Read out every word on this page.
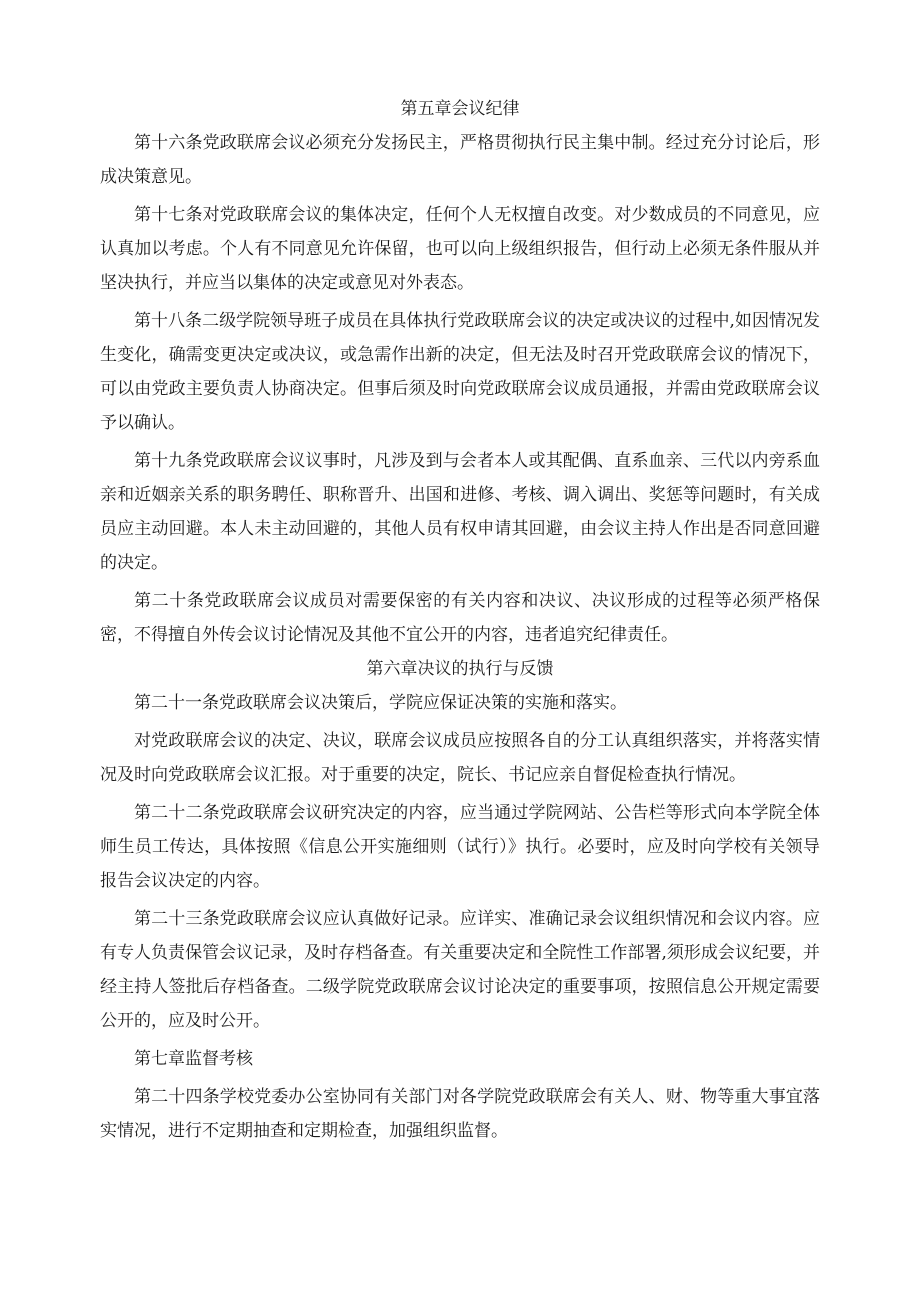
第五章会议纪律

第十六条党政联席会议必须充分发扬民主，严格贯彻执行民主集中制。经过充分讨论后，形成决策意见。

第十七条对党政联席会议的集体决定，任何个人无权擅自改变。对少数成员的不同意见，应认真加以考虑。个人有不同意见允许保留，也可以向上级组织报告，但行动上必须无条件服从并坚决执行，并应当以集体的决定或意见对外表态。

第十八条二级学院领导班子成员在具体执行党政联席会议的决定或决议的过程中,如因情况发生变化，确需变更决定或决议，或急需作出新的决定，但无法及时召开党政联席会议的情况下，可以由党政主要负责人协商决定。但事后须及时向党政联席会议成员通报，并需由党政联席会议予以确认。

第十九条党政联席会议议事时，凡涉及到与会者本人或其配偶、直系血亲、三代以内旁系血亲和近姻亲关系的职务聘任、职称晋升、出国和进修、考核、调入调出、奖惩等问题时，有关成员应主动回避。本人未主动回避的，其他人员有权申请其回避，由会议主持人作出是否同意回避的决定。

第二十条党政联席会议成员对需要保密的有关内容和决议、决议形成的过程等必须严格保密，不得擅自外传会议讨论情况及其他不宜公开的内容，违者追究纪律责任。

第六章决议的执行与反馈

第二十一条党政联席会议决策后，学院应保证决策的实施和落实。

对党政联席会议的决定、决议，联席会议成员应按照各自的分工认真组织落实，并将落实情况及时向党政联席会议汇报。对于重要的决定，院长、书记应亲自督促检查执行情况。

第二十二条党政联席会议研究决定的内容，应当通过学院网站、公告栏等形式向本学院全体师生员工传达，具体按照《信息公开实施细则（试行）》执行。必要时，应及时向学校有关领导报告会议决定的内容。

第二十三条党政联席会议应认真做好记录。应详实、准确记录会议组织情况和会议内容。应有专人负责保管会议记录，及时存档备查。有关重要决定和全院性工作部署,须形成会议纪要，并经主持人签批后存档备查。二级学院党政联席会议讨论决定的重要事项，按照信息公开规定需要公开的，应及时公开。

第七章监督考核

第二十四条学校党委办公室协同有关部门对各学院党政联席会有关人、财、物等重大事宜落实情况，进行不定期抽查和定期检查，加强组织监督。
